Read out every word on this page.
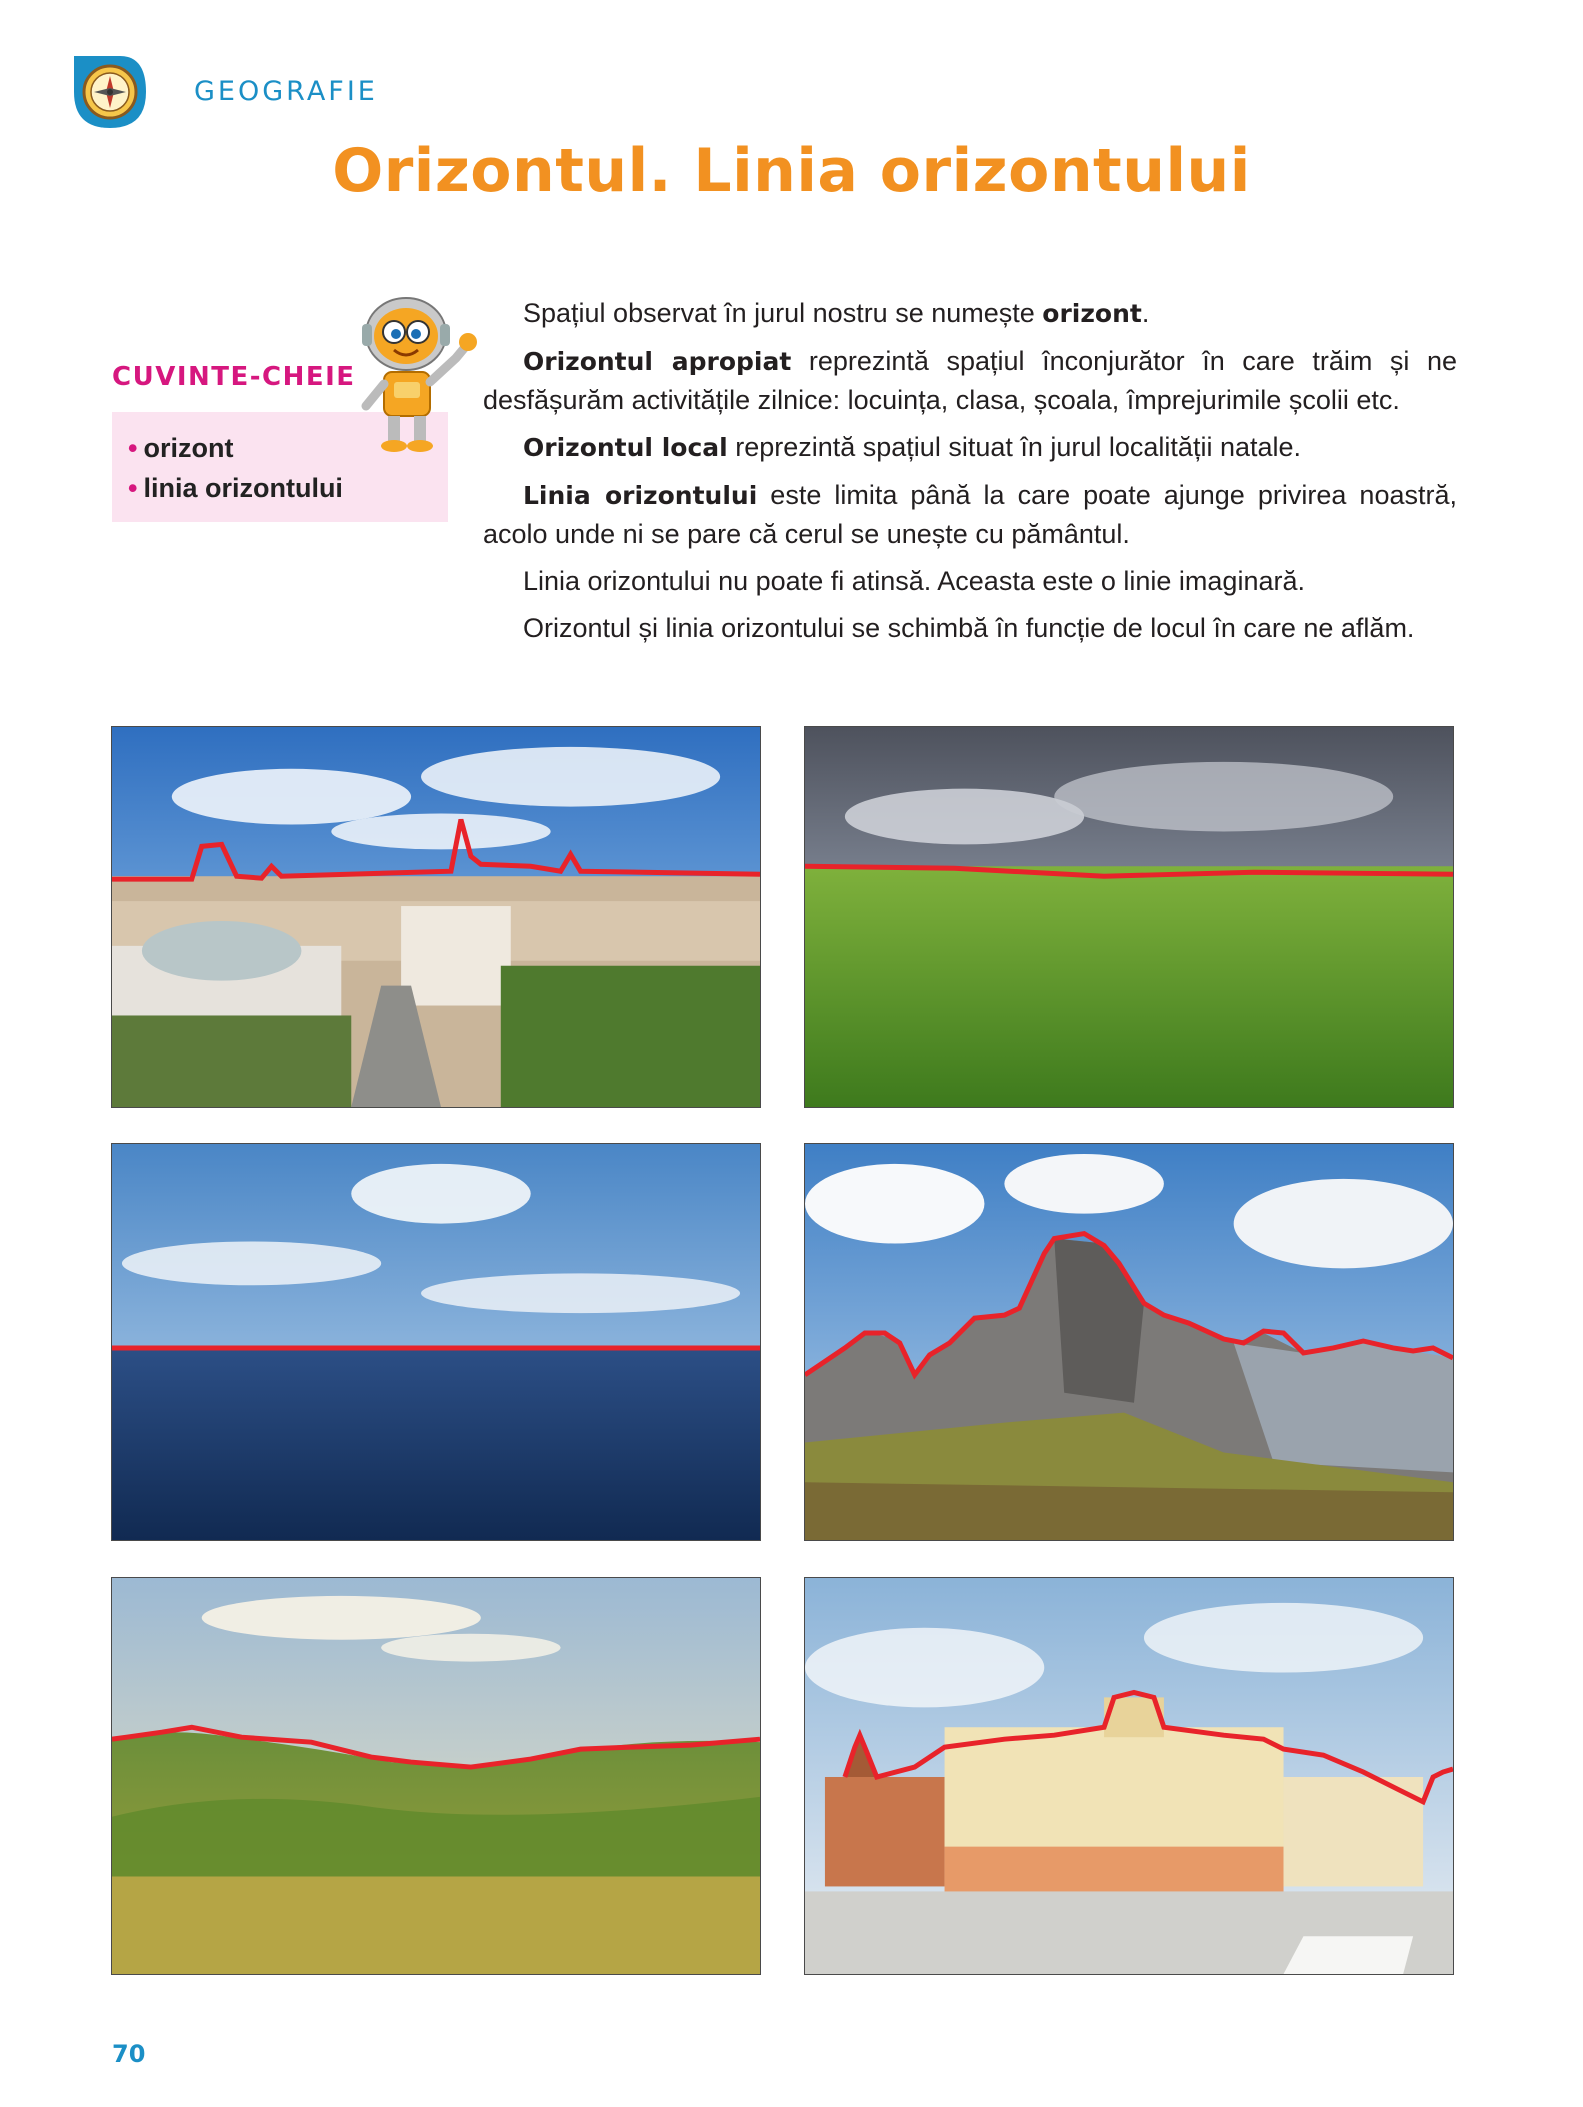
GEOGRAFIE
Orizontul. Linia orizontului
CUVINTE-CHEIE
• orizont
• linia orizontului

Spațiul observat în jurul nostru se numește orizont.

Orizontul apropiat reprezintă spațiul înconjurător în care trăim și ne desfășurăm activitățile zilnice: locuința, clasa, școala, împrejurimile școlii etc.

Orizontul local reprezintă spațiul situat în jurul localității natale.

Linia orizontului este limita până la care poate ajunge privirea noastră, acolo unde ni se pare că cerul se unește cu pământul.

Linia orizontului nu poate fi atinsă. Aceasta este o linie imaginară.

Orizontul și linia orizontului se schimbă în funcție de locul în care ne aflăm.

70
